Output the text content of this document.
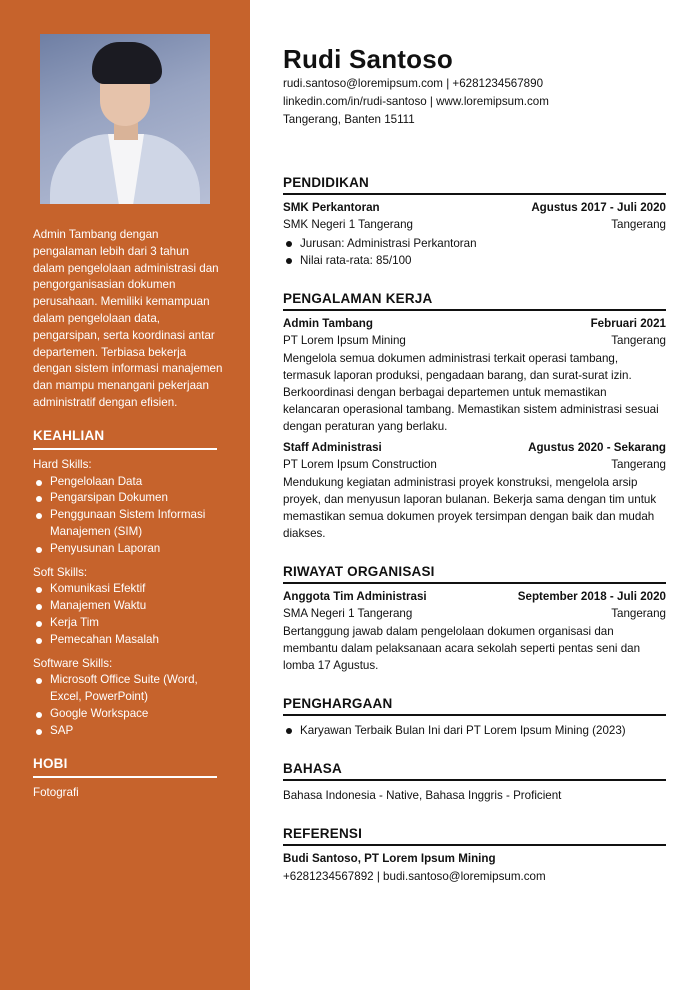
Admin Tambang dengan pengalaman lebih dari 3 tahun dalam pengelolaan administrasi dan pengorganisasian dokumen perusahaan. Memiliki kemampuan dalam pengelolaan data, pengarsipan, serta koordinasi antar departemen. Terbiasa bekerja dengan sistem informasi manajemen dan mampu menangani pekerjaan administratif dengan efisien.

KEAHLIAN
Hard Skills:
Pengelolaan Data
Pengarsipan Dokumen
Penggunaan Sistem Informasi Manajemen (SIM)
Penyusunan Laporan
Soft Skills:
Komunikasi Efektif
Manajemen Waktu
Kerja Tim
Pemecahan Masalah
Software Skills:
Microsoft Office Suite (Word, Excel, PowerPoint)
Google Workspace
SAP
HOBI
Fotografi
Rudi Santoso
rudi.santoso@loremipsum.com | +6281234567890
linkedin.com/in/rudi-santoso | www.loremipsum.com
Tangerang, Banten 15111
PENDIDIKAN
SMK Perkantoran	Agustus 2017 - Juli 2020
SMK Negeri 1 Tangerang	Tangerang
Jurusan: Administrasi Perkantoran
Nilai rata-rata: 85/100
PENGALAMAN KERJA
Admin Tambang	Februari 2021
PT Lorem Ipsum Mining	Tangerang

Mengelola semua dokumen administrasi terkait operasi tambang, termasuk laporan produksi, pengadaan barang, dan surat-surat izin. Berkoordinasi dengan berbagai departemen untuk memastikan kelancaran operasional tambang. Memastikan sistem administrasi sesuai dengan peraturan yang berlaku.

Staff Administrasi	Agustus 2020 - Sekarang
PT Lorem Ipsum Construction	Tangerang

Mendukung kegiatan administrasi proyek konstruksi, mengelola arsip proyek, dan menyusun laporan bulanan. Bekerja sama dengan tim untuk memastikan semua dokumen proyek tersimpan dengan baik dan mudah diakses.

RIWAYAT ORGANISASI
Anggota Tim Administrasi	September 2018 - Juli 2020
SMA Negeri 1 Tangerang	Tangerang

Bertanggung jawab dalam pengelolaan dokumen organisasi dan membantu dalam pelaksanaan acara sekolah seperti pentas seni dan lomba 17 Agustus.

PENGHARGAAN
Karyawan Terbaik Bulan Ini dari PT Lorem Ipsum Mining (2023)
BAHASA

Bahasa Indonesia - Native, Bahasa Inggris - Proficient

REFERENSI
Budi Santoso, PT Lorem Ipsum Mining
+6281234567892 | budi.santoso@loremipsum.com
